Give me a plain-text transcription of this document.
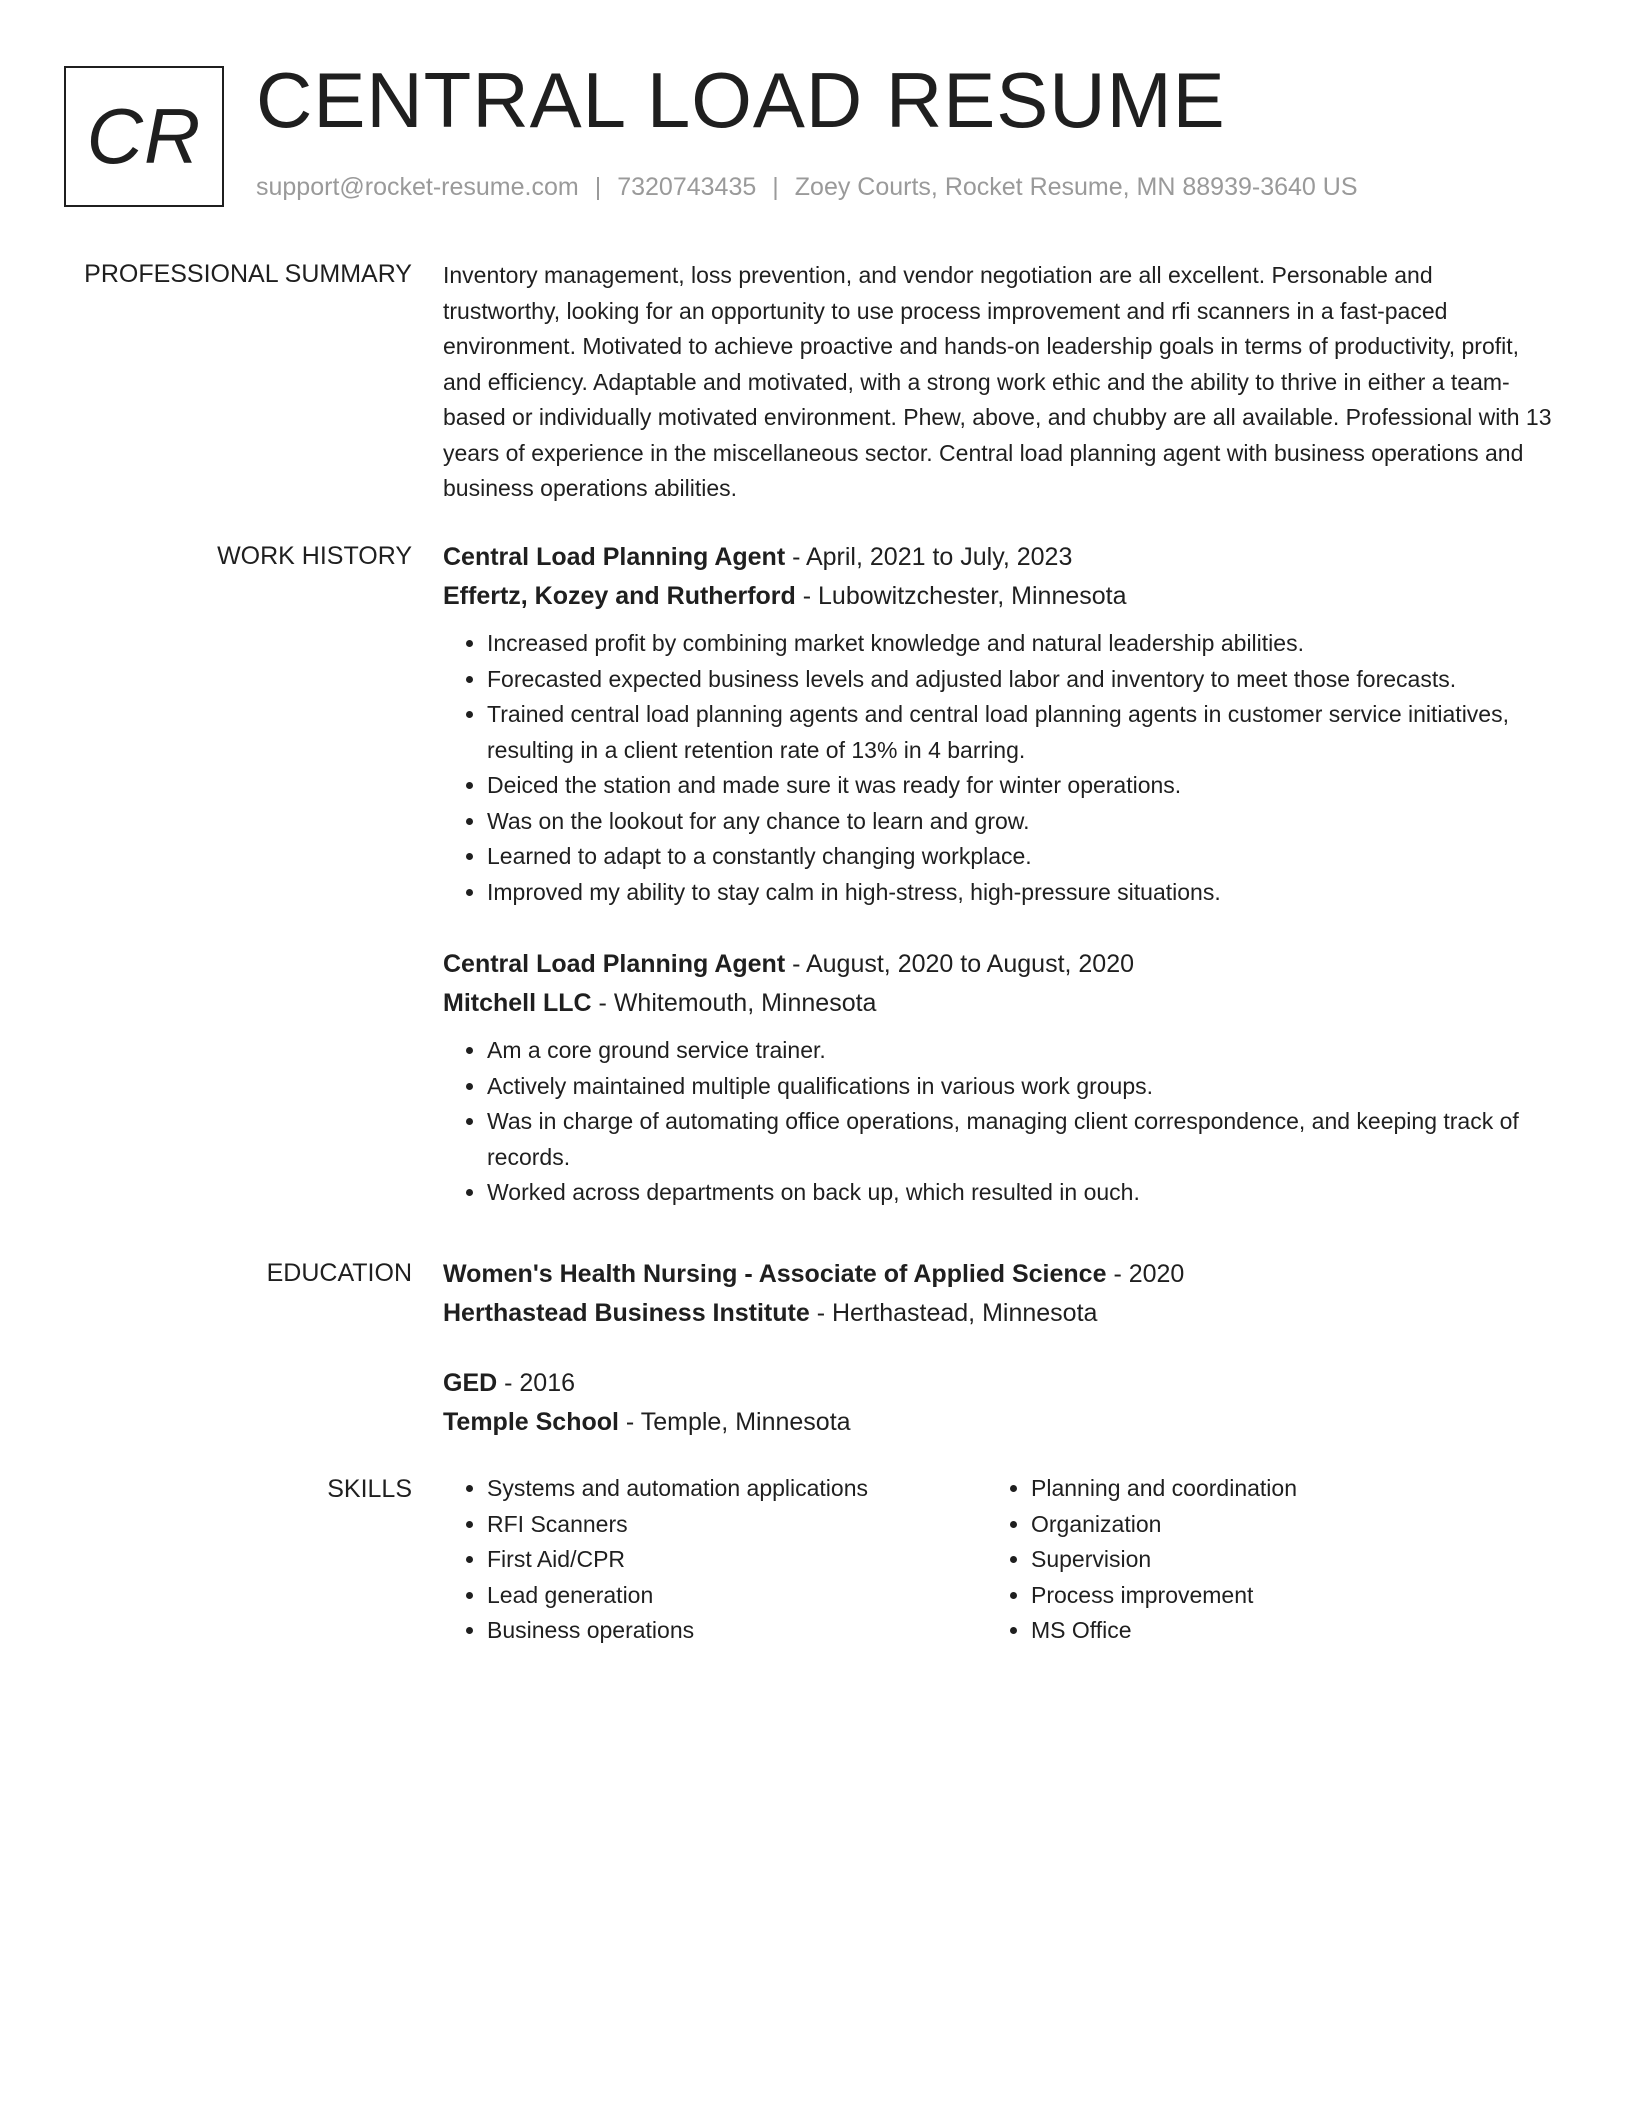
CR CENTRAL LOAD RESUME
support@rocket-resume.com | 7320743435 | Zoey Courts, Rocket Resume, MN 88939-3640 US
PROFESSIONAL SUMMARY Inventory management, loss prevention, and vendor negotiation are all excellent. Personable and trustworthy, looking for an opportunity to use process improvement and rfi scanners in a fast-paced environment. Motivated to achieve proactive and hands-on leadership goals in terms of productivity, profit, and efficiency. Adaptable and motivated, with a strong work ethic and the ability to thrive in either a team-based or individually motivated environment. Phew, above, and chubby are all available. Professional with 13 years of experience in the miscellaneous sector. Central load planning agent with business operations and business operations abilities.

WORK HISTORY Central Load Planning Agent - April, 2021 to July, 2023
Effertz, Kozey and Rutherford - Lubowitzchester, Minnesota
• Increased profit by combining market knowledge and natural leadership abilities.
• Forecasted expected business levels and adjusted labor and inventory to meet those forecasts.
• Trained central load planning agents and central load planning agents in customer service initiatives, resulting in a client retention rate of 13% in 4 barring.
• Deiced the station and made sure it was ready for winter operations.
• Was on the lookout for any chance to learn and grow.
• Learned to adapt to a constantly changing workplace.
• Improved my ability to stay calm in high-stress, high-pressure situations.
Central Load Planning Agent - August, 2020 to August, 2020
Mitchell LLC - Whitemouth, Minnesota
• Am a core ground service trainer.
• Actively maintained multiple qualifications in various work groups.
• Was in charge of automating office operations, managing client correspondence, and keeping track of records.
• Worked across departments on back up, which resulted in ouch.
EDUCATION Women's Health Nursing - Associate of Applied Science - 2020
Herthastead Business Institute - Herthastead, Minnesota
GED - 2016
Temple School - Temple, Minnesota
SKILLS
•	Systems and automation applications
• RFI Scanners
• First Aid/CPR
• Lead generation
• Business operations
• Planning and coordination
• Organization
• Supervision
• Process improvement
• MS Office
